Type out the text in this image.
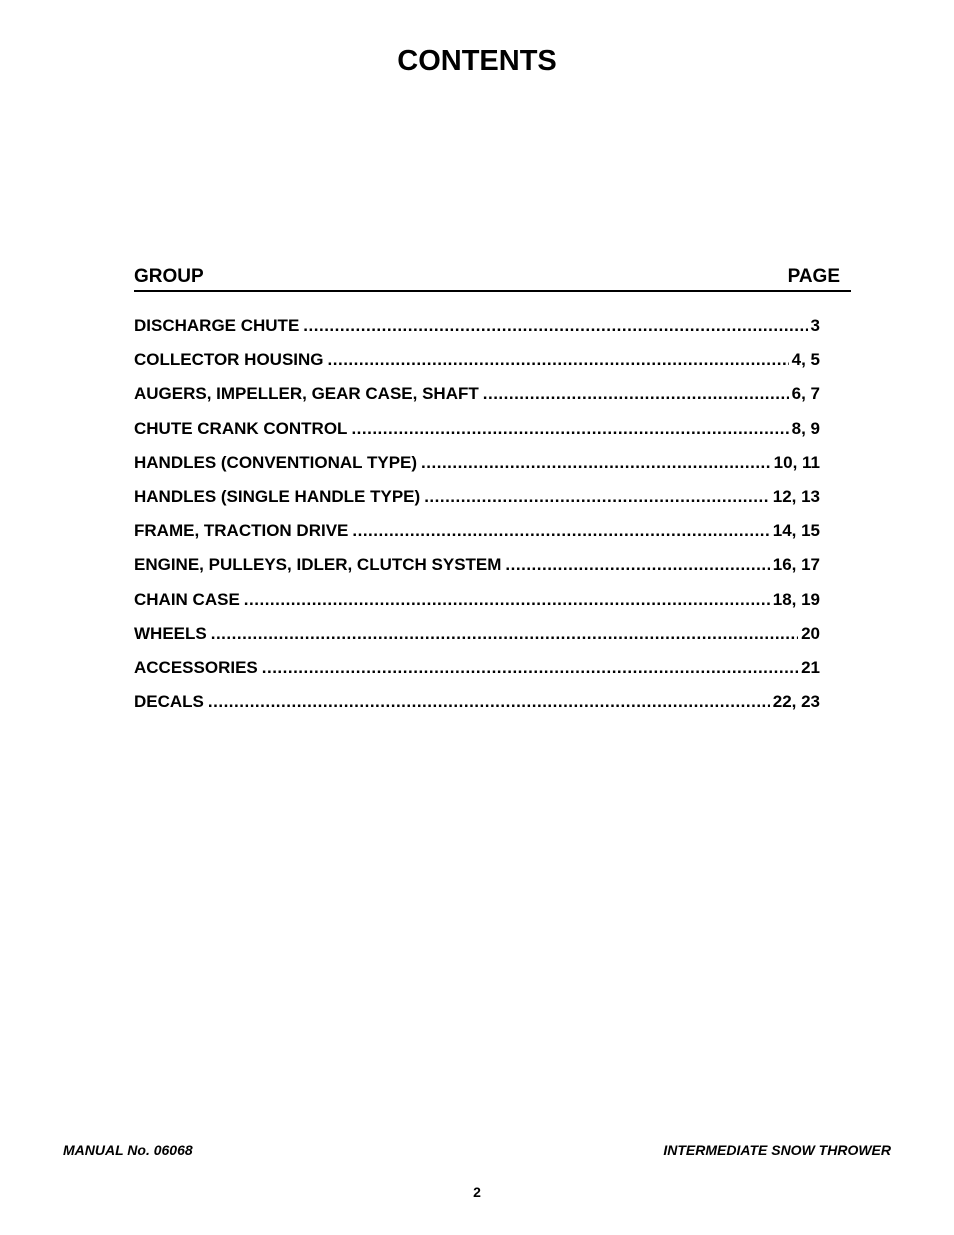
CONTENTS
GROUP	PAGE
DISCHARGE CHUTE .....	3
COLLECTOR HOUSING .....	4, 5
AUGERS, IMPELLER, GEAR CASE, SHAFT .....	6, 7
CHUTE CRANK CONTROL .....	8, 9
HANDLES (CONVENTIONAL TYPE) .....	10, 11
HANDLES (SINGLE HANDLE TYPE) .....	12, 13
FRAME, TRACTION DRIVE .....	14, 15
ENGINE, PULLEYS, IDLER, CLUTCH SYSTEM .....	16, 17
CHAIN CASE .....	18, 19
WHEELS .....	20
ACCESSORIES .....	21
DECALS .....	22, 23
MANUAL No. 06068	INTERMEDIATE SNOW THROWER
2
